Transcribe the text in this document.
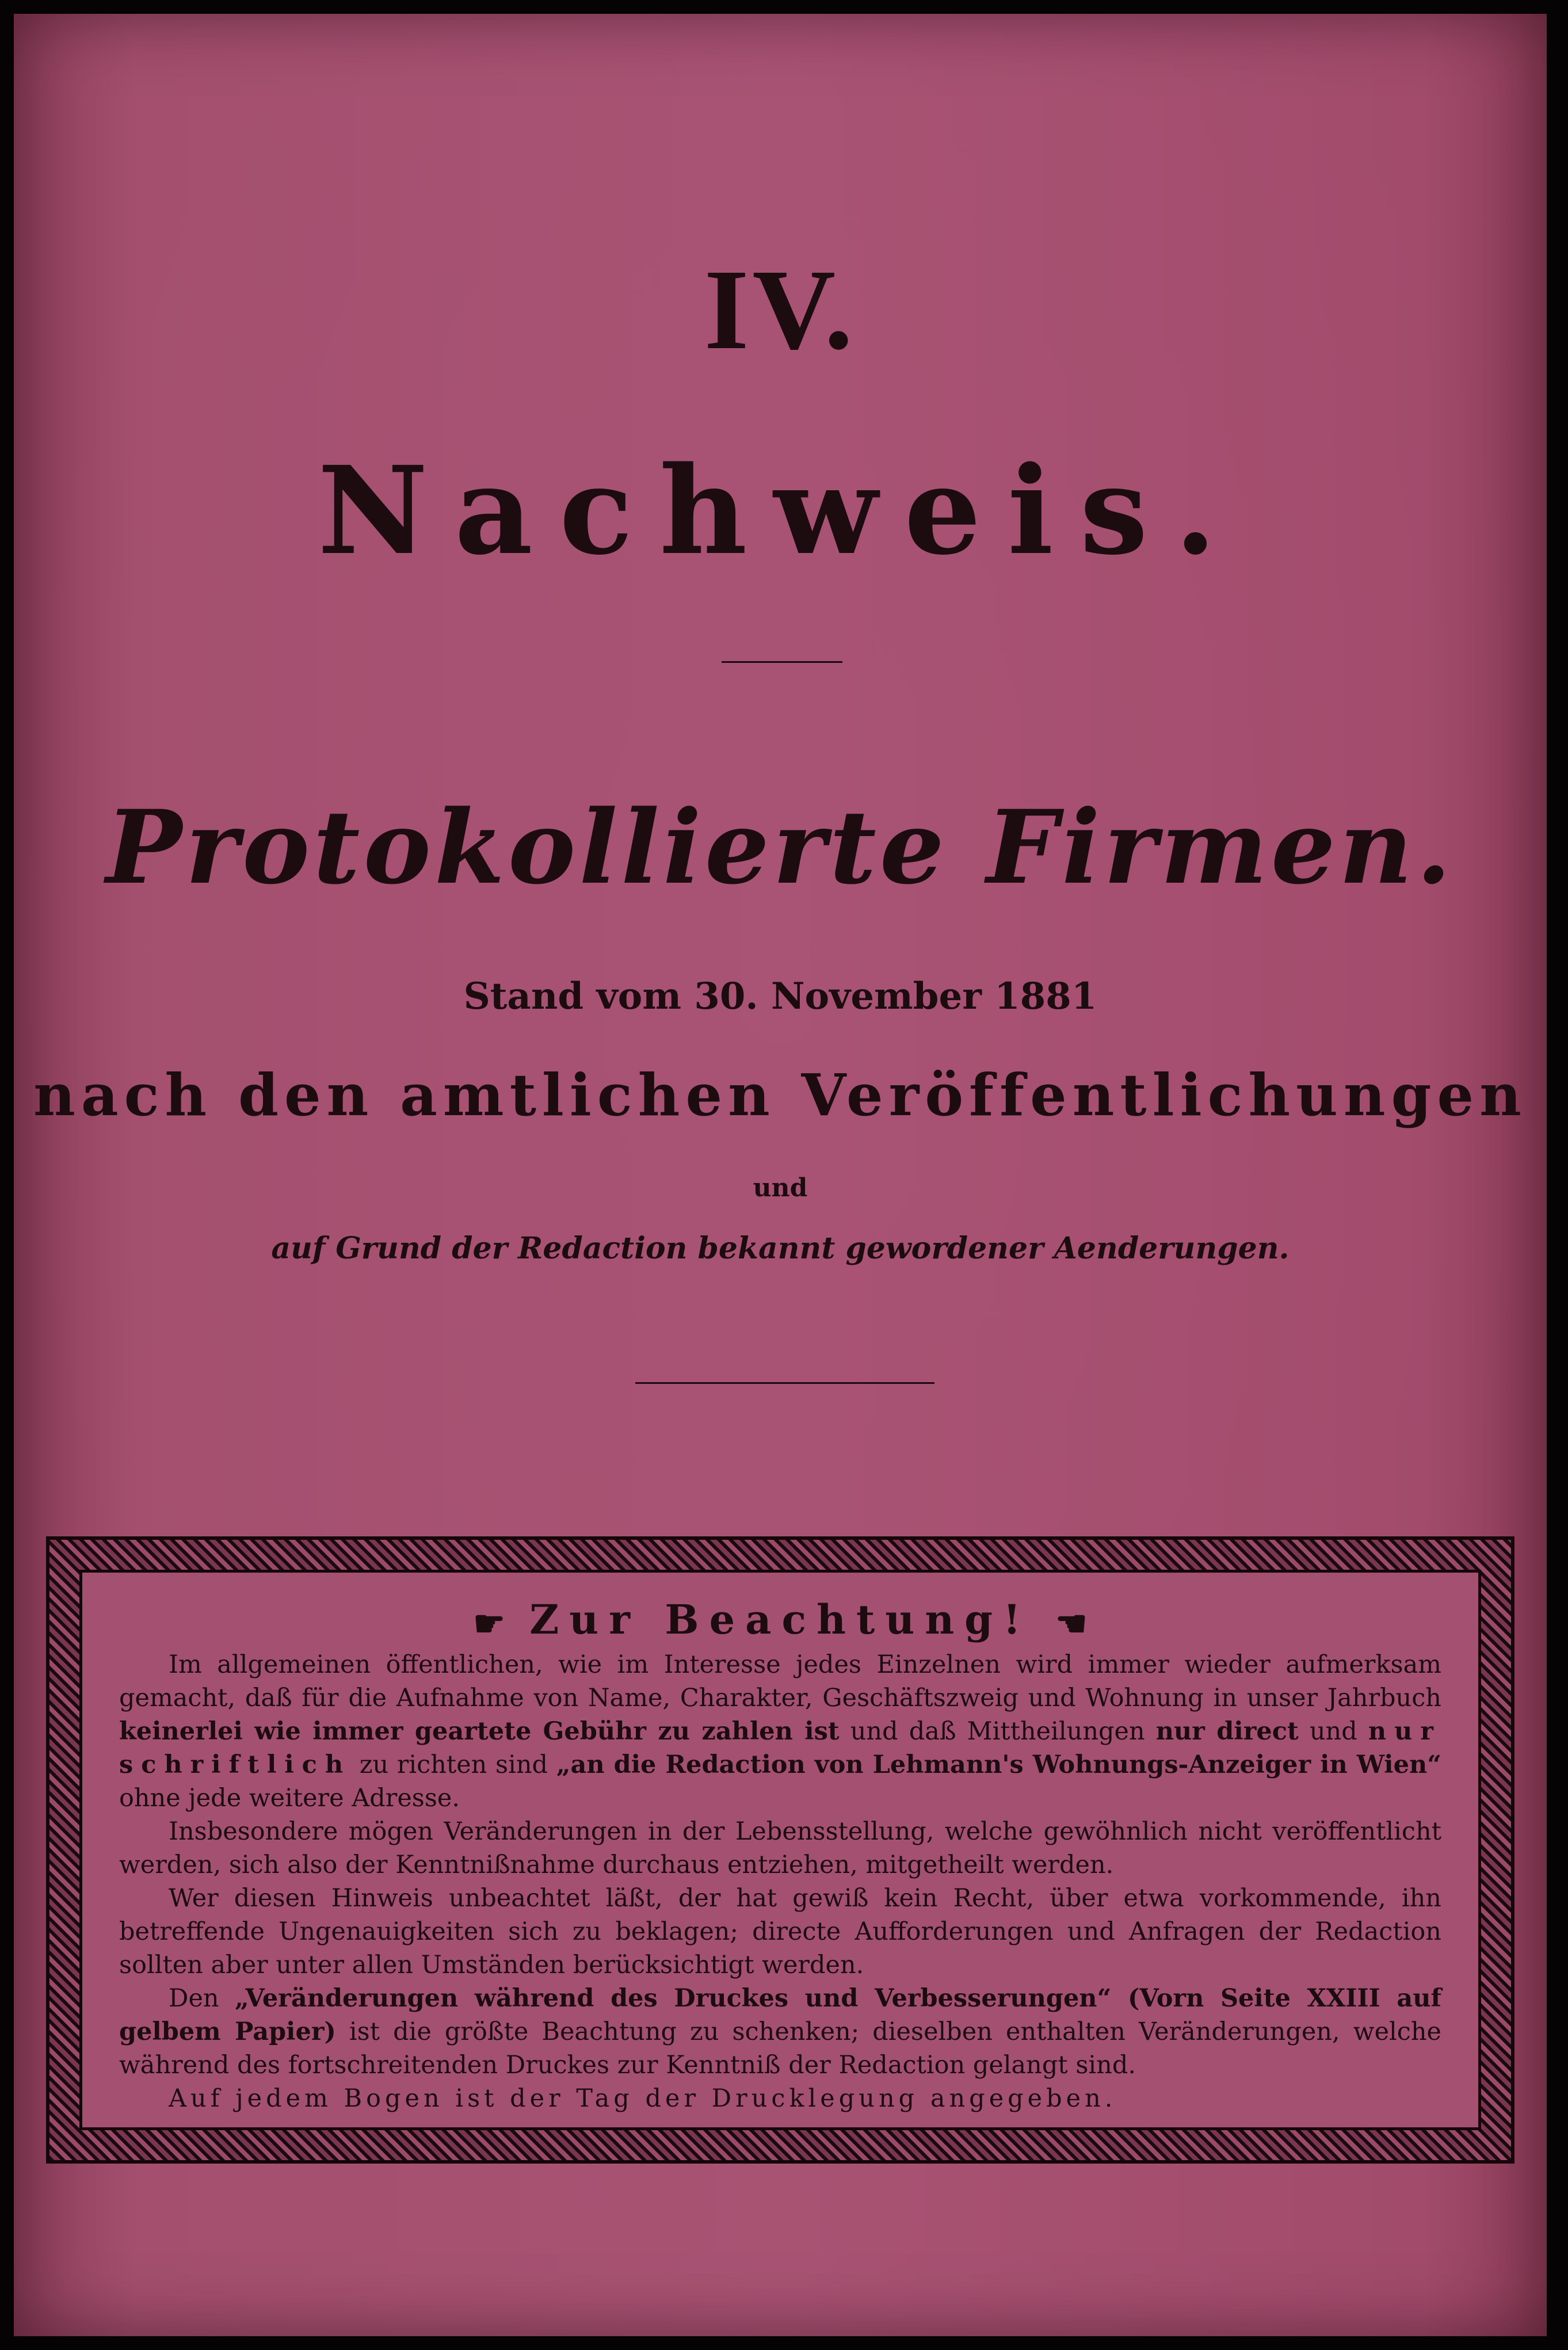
IV.
Nachweis.
Protokollierte Firmen.
Stand vom 30. November 1881
nach den amtlichen Veröffentlichungen
und
auf Grund der Redaction bekannt gewordener Aenderungen.
☛ Zur Beachtung! ☚

Im allgemeinen öffentlichen, wie im Interesse jedes Einzelnen wird immer wieder aufmerksam gemacht, daß für die Aufnahme von Name, Charakter, Geschäftszweig und Wohnung in unser Jahrbuch keinerlei wie immer geartete Gebühr zu zahlen ist und daß Mittheilungen nur direct und nur schriftlich zu richten sind „an die Redaction von Lehmann's Wohnungs-Anzeiger in Wien“ ohne jede weitere Adresse.

Insbesondere mögen Veränderungen in der Lebensstellung, welche gewöhnlich nicht veröffentlicht werden, sich also der Kenntnißnahme durchaus entziehen, mitgetheilt werden.

Wer diesen Hinweis unbeachtet läßt, der hat gewiß kein Recht, über etwa vorkommende, ihn betreffende Ungenauigkeiten sich zu beklagen; directe Aufforderungen und Anfragen der Redaction sollten aber unter allen Umständen berücksichtigt werden.

Den „Veränderungen während des Druckes und Verbesserungen“ (Vorn Seite XXIII auf gelbem Papier) ist die größte Beachtung zu schenken; dieselben enthalten Veränderungen, welche während des fortschreitenden Druckes zur Kenntniß der Redaction gelangt sind.

Auf jedem Bogen ist der Tag der Drucklegung angegeben.
